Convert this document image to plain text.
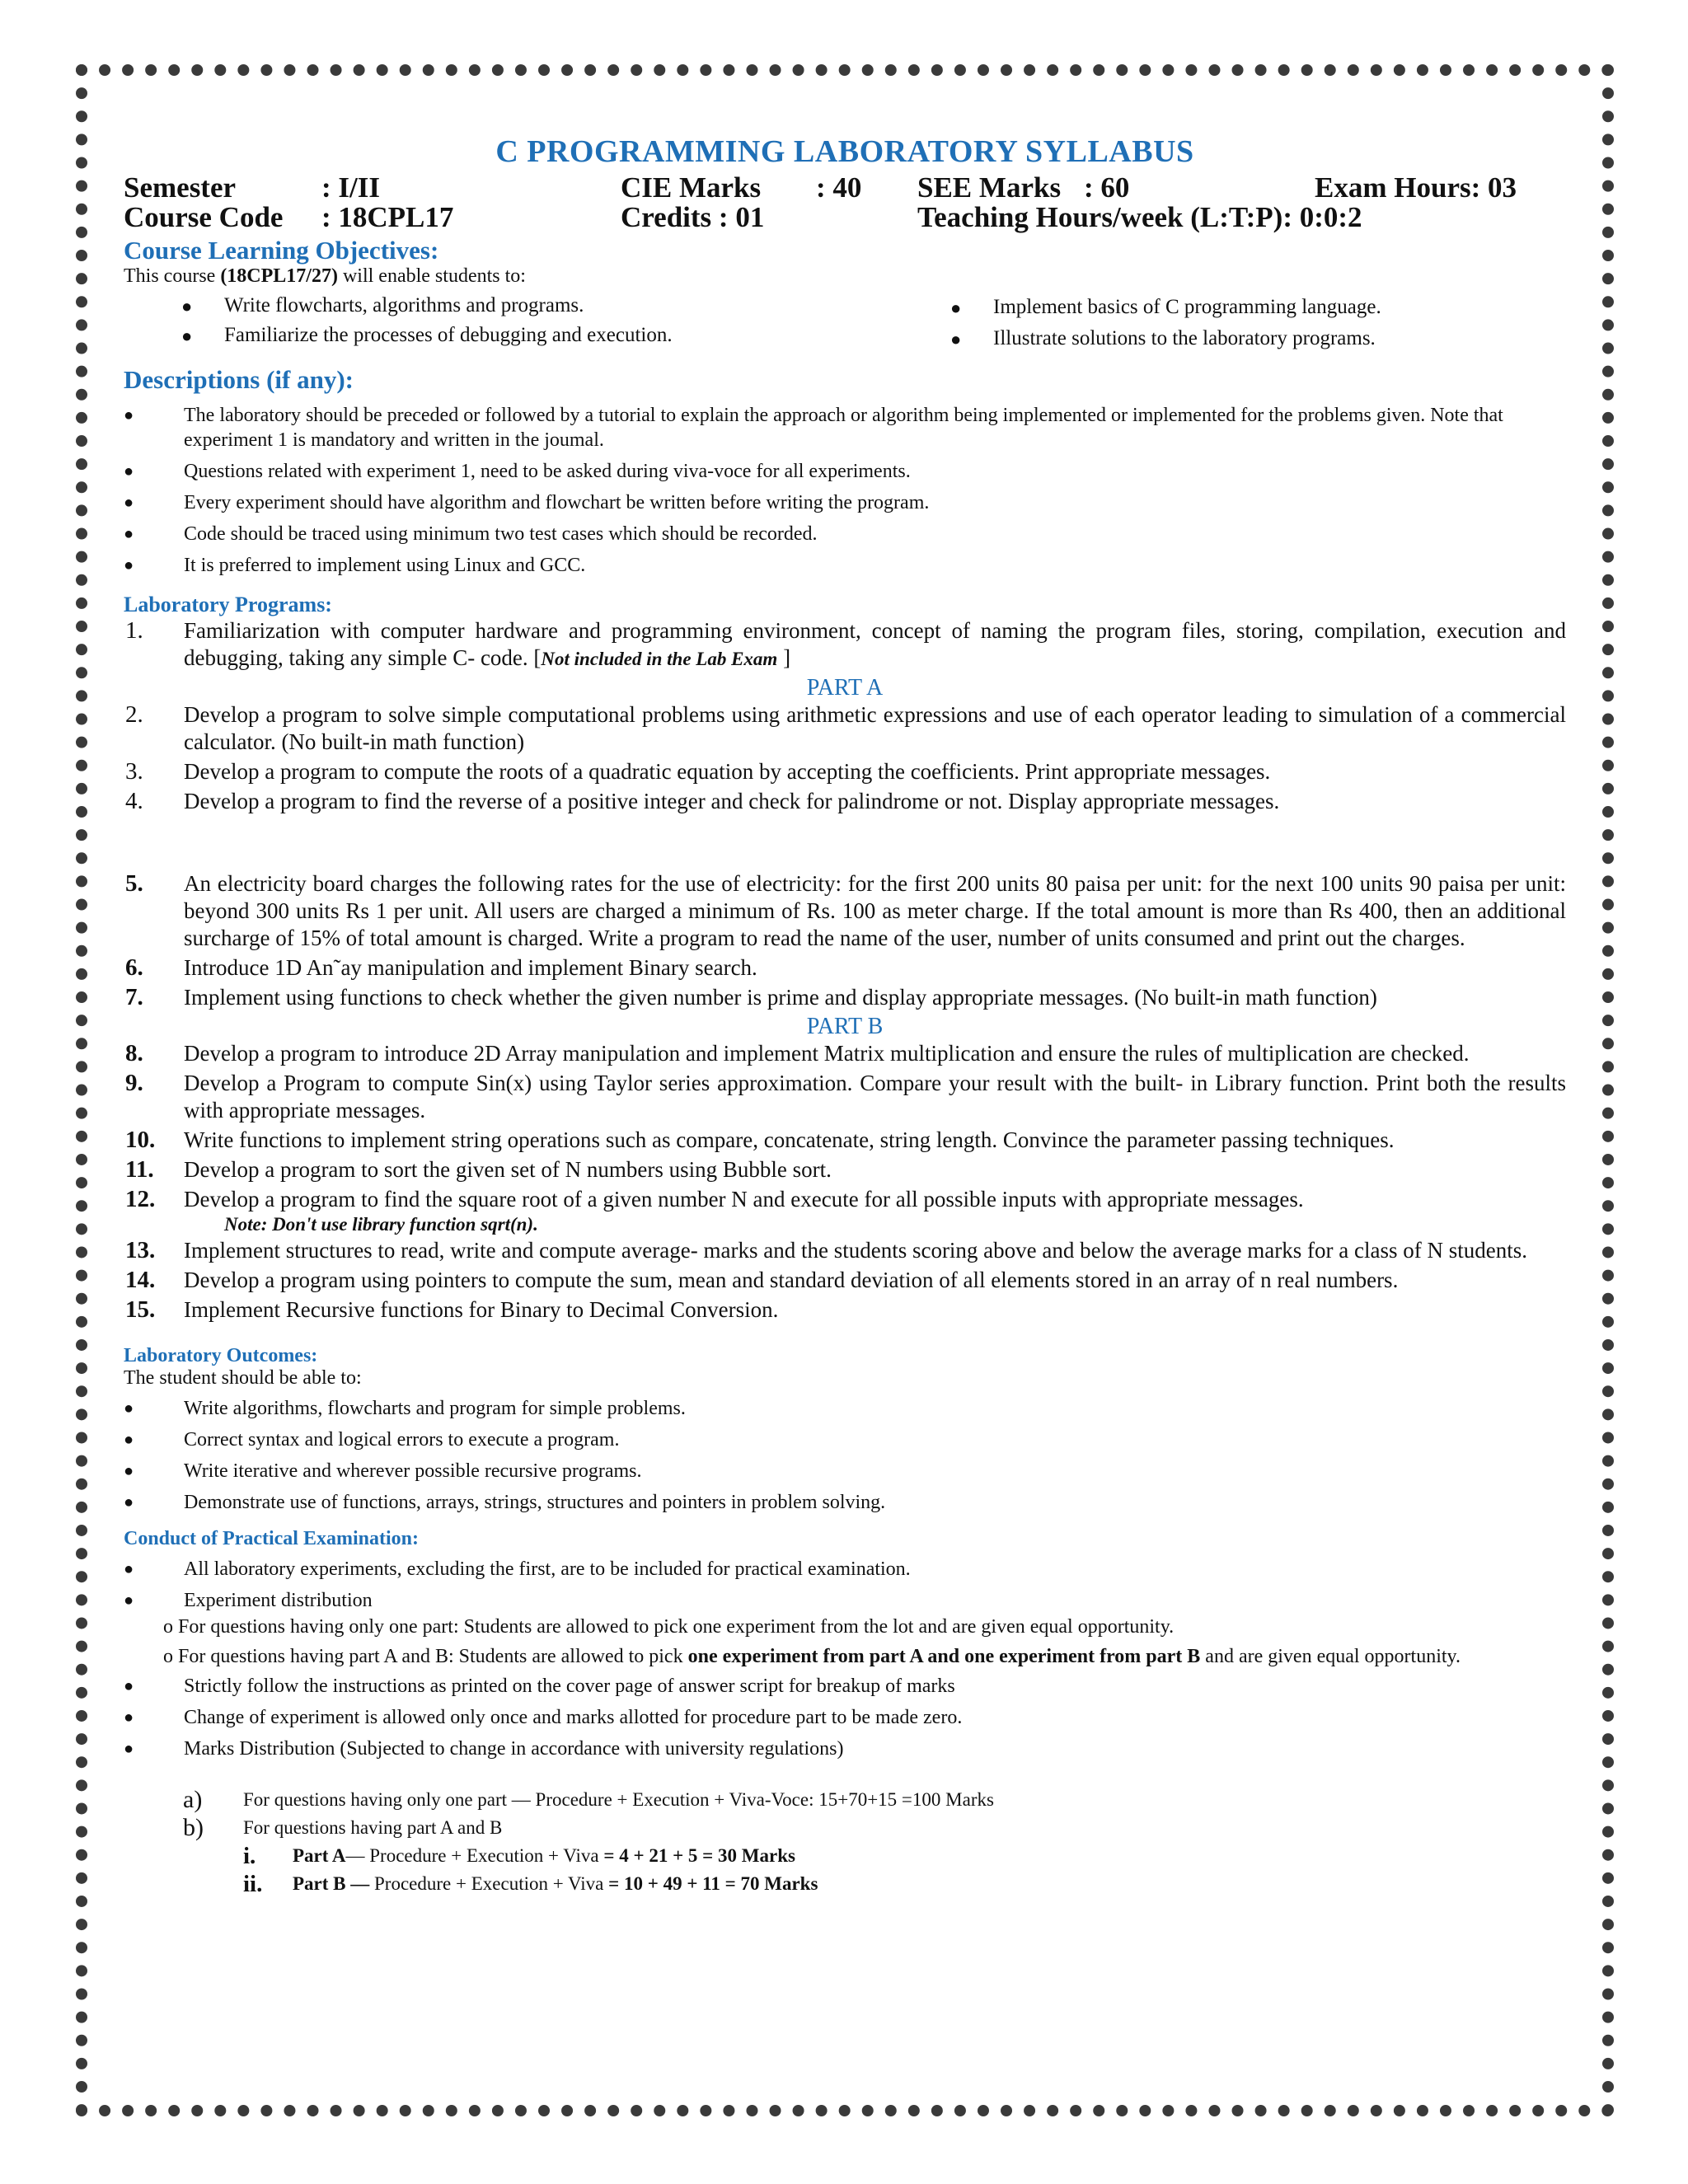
C PROGRAMMING LABORATORY SYLLABUS
Semester	: I/II	CIE Marks : 40 SEE Marks : 60	Exam Hours: 03
Course Code : 18CPL17	Credits : 01	Teaching Hours/week (L:T:P): 0:0:2
Course Learning Objectives:

This course (18CPL17/27) will enable students to:

● Write flowcharts, algorithms and programs.
● Familiarize the processes of debugging and execution.
● Implement basics of C programming language.
● Illustrate solutions to the laboratory programs.
Descriptions (if any):
● The laboratory should be preceded or followed by a tutorial to explain the approach or algorithm being implemented or implemented for the problems given. Note that experiment 1 is mandatory and written in the joumal.
● Questions related with experiment 1, need to be asked during viva-voce for all experiments.
● Every experiment should have algorithm and flowchart be written before writing the program.
● Code should be traced using minimum two test cases which should be recorded.
● It is preferred to implement using Linux and GCC.
Laboratory Programs:
1. Familiarization with computer hardware and programming environment, concept of naming the program files, storing, compilation, execution and debugging, taking any simple C- code. [Not included in the Lab Exam ]

PART A

2. Develop a program to solve simple computational problems using arithmetic expressions and use of each operator leading to simulation of a commercial calculator. (No built-in math function)
3. Develop a program to compute the roots of a quadratic equation by accepting the coefficients. Print appropriate messages.
4. Develop a program to find the reverse of a positive integer and check for palindrome or not. Display appropriate messages.
5. An electricity board charges the following rates for the use of electricity: for the first 200 units 80 paisa per unit: for the next 100 units 90 paisa per unit: beyond 300 units Rs 1 per unit. All users are charged a minimum of Rs. 100 as meter charge. If the total amount is more than Rs 400, then an additional surcharge of 15% of total amount is charged. Write a program to read the name of the user, number of units consumed and print out the charges.
6. Introduce 1D An˜ay manipulation and implement Binary search.
7. Implement using functions to check whether the given number is prime and display appropriate messages. (No built-in math function)

PART B

8. Develop a program to introduce 2D Array manipulation and implement Matrix multiplication and ensure the rules of multiplication are checked.
9. Develop a Program to compute Sin(x) using Taylor series approximation. Compare your result with the built- in Library function. Print both the results with appropriate messages.
10. Write functions to implement string operations such as compare, concatenate, string length. Convince the parameter passing techniques.
11. Develop a program to sort the given set of N numbers using Bubble sort.
12. Develop a program to find the square root of a given number N and execute for all possible inputs with appropriate messages.

Note: Don't use library function sqrt(n).

13. Implement structures to read, write and compute average- marks and the students scoring above and below the average marks for a class of N students.
14. Develop a program using pointers to compute the sum, mean and standard deviation of all elements stored in an array of n real numbers.
15. Implement Recursive functions for Binary to Decimal Conversion.
Laboratory Outcomes:

The student should be able to:

● Write algorithms, flowcharts and program for simple problems.
● Correct syntax and logical errors to execute a program.
● Write iterative and wherever possible recursive programs.
● Demonstrate use of functions, arrays, strings, structures and pointers in problem solving.
Conduct of Practical Examination:
● All laboratory experiments, excluding the first, are to be included for practical examination.
● Experiment distribution

o For questions having only one part: Students are allowed to pick one experiment from the lot and are given equal opportunity.

o For questions having part A and B: Students are allowed to pick one experiment from part A and one experiment from part B and are given equal opportunity.

● Strictly follow the instructions as printed on the cover page of answer script for breakup of marks
● Change of experiment is allowed only once and marks allotted for procedure part to be made zero.
● Marks Distribution (Subjected to change in accordance with university regulations)
a) For questions having only one part — Procedure + Execution + Viva-Voce: 15+70+15 =100 Marks
b) For questions having part A and B
i. Part A— Procedure + Execution + Viva = 4 + 21 + 5 = 30 Marks
ii. Part B — Procedure + Execution + Viva = 10 + 49 + 11 = 70 Marks
